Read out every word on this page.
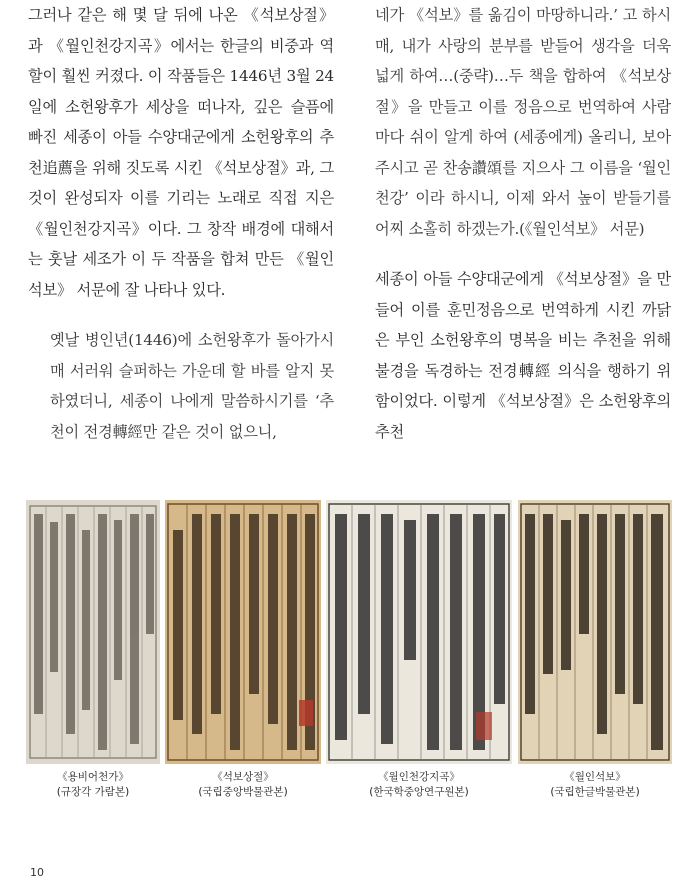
그러나 같은 해 몇 달 뒤에 나온 《석보상절》과 《월인천강지곡》에서는 한글의 비중과 역할이 훨씬 커졌다. 이 작품들은 1446년 3월 24일에 소헌왕후가 세상을 떠나자, 깊은 슬픔에 빠진 세종이 아들 수양대군에게 소헌왕후의 추천追薦을 위해 짓도록 시킨 《석보상절》과, 그것이 완성되자 이를 기리는 노래로 직접 지은 《월인천강지곡》이다. 그 창작 배경에 대해서는 훗날 세조가 이 두 작품을 합쳐 만든 《월인석보》 서문에 잘 나타나 있다.

옛날 병인년(1446)에 소헌왕후가 돌아가시매 서러워 슬퍼하는 가운데 할 바를 알지 못하였더니, 세종이 나에게 말씀하시기를 ‘추천이 전경轉經만 같은 것이 없으니,

네가 《석보》를 옮김이 마땅하니라.’ 고 하시매, 내가 사랑의 분부를 받들어 생각을 더욱 넓게 하여…(중략)…두 책을 합하여 《석보상절》을 만들고 이를 정음으로 번역하여 사람마다 쉬이 알게 하여 (세종에게) 올리니, 보아 주시고 곧 찬송讚頌를 지으사 그 이름을 ‘월인천강’ 이라 하시니, 이제 와서 높이 받들기를 어찌 소홀히 하겠는가.(《월인석보》 서문)

세종이 아들 수양대군에게 《석보상절》을 만들어 이를 훈민정음으로 번역하게 시킨 까닭은 부인 소헌왕후의 명복을 비는 추천을 위해 불경을 독경하는 전경轉經 의식을 행하기 위함이었다. 이렇게 《석보상절》은 소헌왕후의 추천

《용비어천가》
(규장각 가람본)
《석보상절》
(국립중앙박물관본)
《월인천강지곡》
(한국학중앙연구원본)
《월인석보》
(국립한글박물관본)
10
